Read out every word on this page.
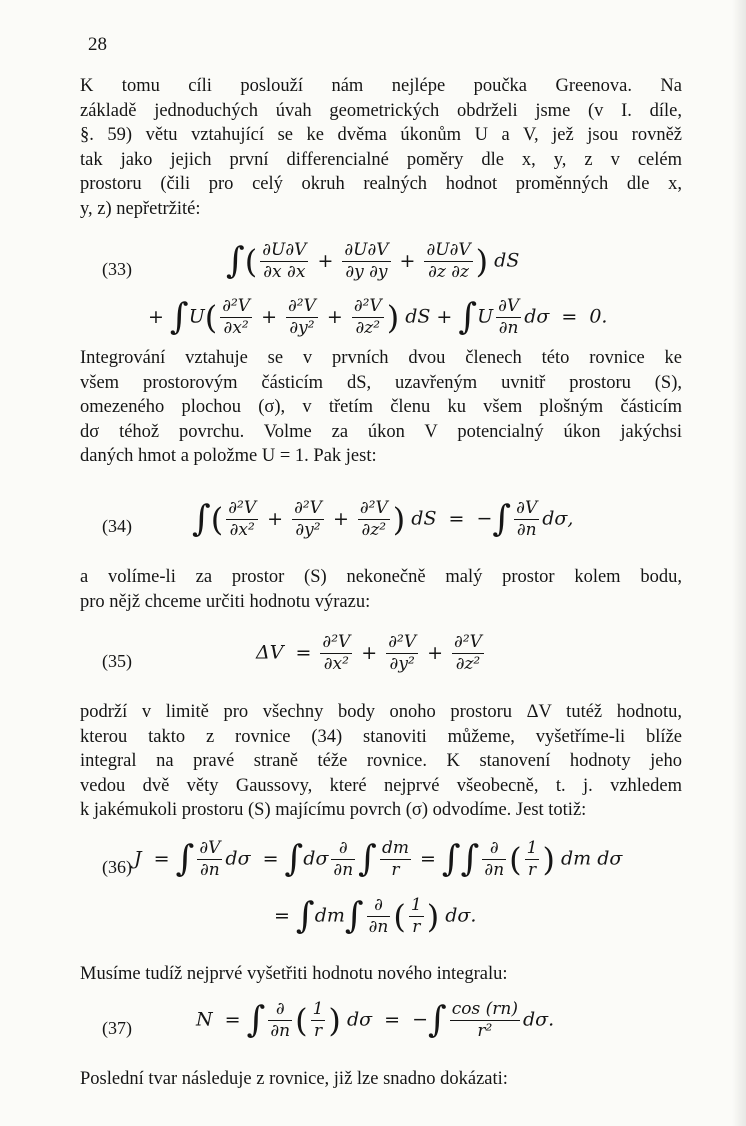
28
K tomu cíli poslouží nám nejlépe poučka Greenova. Na
základě jednoduchých úvah geometrických obdrželi jsme (v I. díle,
§. 59) větu vztahující se ke dvěma úkonům U a V, jež jsou rovněž
tak jako jejich první differencialné poměry dle x, y, z v celém
prostoru (čili pro celý okruh realných hodnot proměnných dle x,
y, z) nepřetržité:
(33)	∫( $\frac{\partial U\partial V}{\partial x \partial x} + \frac{\partial U\partial V}{\partial y \partial y} + \frac{\partial U\partial V}{\partial z \partial z}$ ) dS
+ $\int U( \frac{\text{∂²V}}{\text{∂x²}} + \frac{\text{∂²V}}{\text{∂y²}} + \frac{\text{∂²V}}{\text{∂z²}}$ ) dS + $\int U \frac{\partial V}{\partial n}$ dσ = 0.
Integrování vztahuje se v prvních dvou členech této rovnice ke
všem prostorovým částicím dS, uzavřeným uvnitř prostoru (S),
omezeného plochou (σ), v třetím členu ku všem plošným částicím
dσ téhož povrchu. Volme za úkon V potencialný úkon jakýchsi
daných hmot a položme U = 1. Pak jest:
(34) ∫( $\frac{\text{∂²V}}{\text{∂x²}} + \frac{\text{∂²V}}{\text{∂y²}} + \frac{\text{∂²V}}{\text{∂z²}}$ ) dS = −∫ $\frac{\partial V}{\partial n} d\sigma$,
a volíme-li za prostor (S) nekonečně malý prostor kolem bodu,
pro nějž chceme určiti hodnotu výrazu:
(35)	$\Delta V = \frac{\text{∂²V}}{\text{∂x²}} + \frac{\text{∂²V}}{\text{∂y²}} + \frac{\text{∂²V}}{\text{∂z²}}$
podrží v limitě pro všechny body onoho prostoru ΔV tutéž hodnotu,
kterou takto z rovnice (34) stanoviti můžeme, vyšetříme-li blíže
integral na pravé straně téže rovnice. K stanovení hodnoty jeho
vedou dvě věty Gaussovy, které nejprvé všeobecně, t. j. vzhledem
k jakémukoli prostoru (S) majícímu povrch (σ) odvodíme. Jest totiž:
(36) J = ∫ $\frac{\partial V}{\partial n}$ $d\sigma = \int d\sigma \frac{\partial}{\partial n}$ ∫ $\frac{dm}{r}$ = ∫∫ $\frac{\partial}{\partial n}$ ( $\frac{1}{r}$ ) dm dσ
= $\int dm\int \frac{\partial}{\partial n}$ ( $\frac{1}{r}$ ) dσ.
Musíme tudíž nejprvé vyšetřiti hodnotu nového integralu:
(37)	N = ∫ $\frac{\partial}{\partial n}$ ( $\frac{1}{r}$ ) dσ = −∫ $\frac{\cos (rn)}{\text{r²}} d\sigma$.
Poslední tvar následuje z rovnice, již lze snadno dokázati:
